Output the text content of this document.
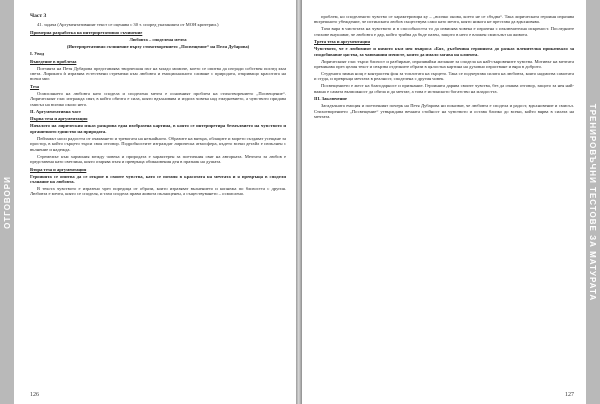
ОТГОВОРИ

Част 3

41. задача (Аргументативният текст се оценява с 30 т. според указанията от МОН критерии.)

Примерна разработка на интерпретативно съчинение

Любовта – споделена мечта

(Интерпретативно съчинение върху стихотворението „Посвещение“ на Пеля Дубарова)

I. Увод

Въведение в проблема

Поезията на Петя Дубарова представлява творческия път на младо момиче, което се опитва да изгради собствен поглед към света. Лириката ѝ изразява естествени стремежи към любовта и емоционалното сливане с природата, откриващо красотата на всеки миг.

Теза

Осмислянето на любовта като сподела и споделена мечта е основният проблем на стихотворението „Посвещение“. Лирическият глас изгражда свят, в който обичта е сила, която вдъхновява и издига човека над ежедневието, а чувството придава смисъл на всичко около него.

II. Аргументативна част

Първа теза и аргументация

Началото на лирическия изказ разкрива една изобразена картина, в която се интерпретира безмълвието на чувството и органичното единство на природата.

Пейзажът носи радостта от очакването и тревогата на незнайното. Образите на вятъра, облаците и морето създават усещане за простор, в който сърцето търси своя отговор. Подробностите изграждат лирическа атмосфера, където всеки детайл е изпълнен с вълнение и надежда.

Стремежът към хармония между човека и природата е характерен за поетичния свят на авторката. Мечтата за любов е представена като светлина, която озарява пътя и превръща обикновения ден в празник на душата.

Втора теза и аргументация

Героинята се опитва да се открие в своите чувства, като се потапя в красотата на мечтата и я превръща в сподели съзнание на любовта.

В текста чувството е изразено чрез поредица от образи, които изразяват вълнението и копнежа по близостта с другия. Любовта е мечта, която се споделя, и тази сподела прави живота пълноценен, а съществуването – осмислено.

126
ТРЕНИРОВЪЧНИ ТЕСТОВЕ ЗА МАТУРАТА

проблем, но споделеното чувство се характеризира ку – „всичко онова, което не се сбъдва“. Така лирическата героиня изразява вътрешното убеждение, че истинската любов съществува само като мечта, която никога не престава да вдъхновява.

Тази вяра в чистотата на чувството и в способността то да извисява човека е изразена с изключителна искреност. Последните стихове внушават, че любовта е дар, който трябва да бъде пазен, защото в него е вложен смисълът на живота.

Трета теза и аргументация

Чувството, че е любимият и нямото към нея въпроса «Бях, дълбочина героинята до разказ пленителна прикачвало за сподобявавне цаства, за чаювашин изчисте, които да имало загава на клиента.

Лирическият глас търси близост и разбиране, изразявайки желание за сподела на най-съкровените чувства. Мотивът на мечтата преминава през целия текст и свързва отделните образи в цялостна картина на духовно израстване и вяра в доброто.

Студената зимна нощ е контрастен фон за топлотата на сърцето. Така се подчертава силата на любовта, която надмогва самотата и студа, и превръща мечтата в реалност, споделена с другия човек.

Посвещението е жест на благодарност и признание. Героинята дарява своите чувства, без да очаква отговор, защото за нея най-важна е самата възможност да обича и да мечтае, а това е истинското богатство на младостта.

III. Заключение

Загадъчната емоция и поетичният почерк на Петя Дубарова ни показват, че любовта е сподела и радост, вдъхновение и смисъл. Стихотворението „Посвещение“ утвърждава вечната стойност на чувството и остава близко до всеки, който вярва в силата на мечтата.

127
